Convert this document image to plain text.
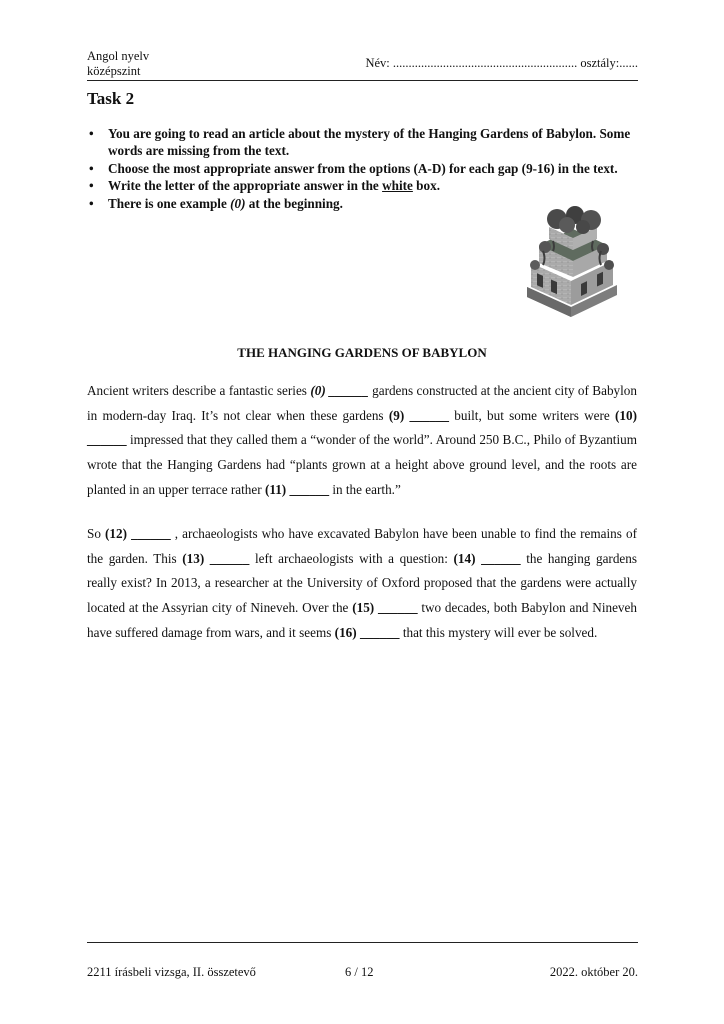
Angol nyelv
középszint
Név: ........................................................... osztály:......
Task 2
• You are going to read an article about the mystery of the Hanging Gardens of Babylon. Some words are missing from the text.
• Choose the most appropriate answer from the options (A-D) for each gap (9-16) in the text.
• Write the letter of the appropriate answer in the white box.
• There is one example (0) at the beginning.
THE HANGING GARDENS OF BABYLON

Ancient writers describe a fantastic series (0) ______ gardens constructed at the ancient city of Babylon in modern-day Iraq. It’s not clear when these gardens (9) ______ built, but some writers were (10) ______ impressed that they called them a “wonder of the world”. Around 250 B.C., Philo of Byzantium wrote that the Hanging Gardens had “plants grown at a height above ground level, and the roots are planted in an upper terrace rather (11) ______ in the earth.”

So (12) ______ , archaeologists who have excavated Babylon have been unable to find the remains of the garden. This (13) ______ left archaeologists with a question: (14) ______ the hanging gardens really exist? In 2013, a researcher at the University of Oxford proposed that the gardens were actually located at the Assyrian city of Nineveh. Over the (15) ______ two decades, both Babylon and Nineveh have suffered damage from wars, and it seems (16) ______ that this mystery will ever be solved.

2211 írásbeli vizsga, II. összetevő	6 / 12	2022. október 20.
